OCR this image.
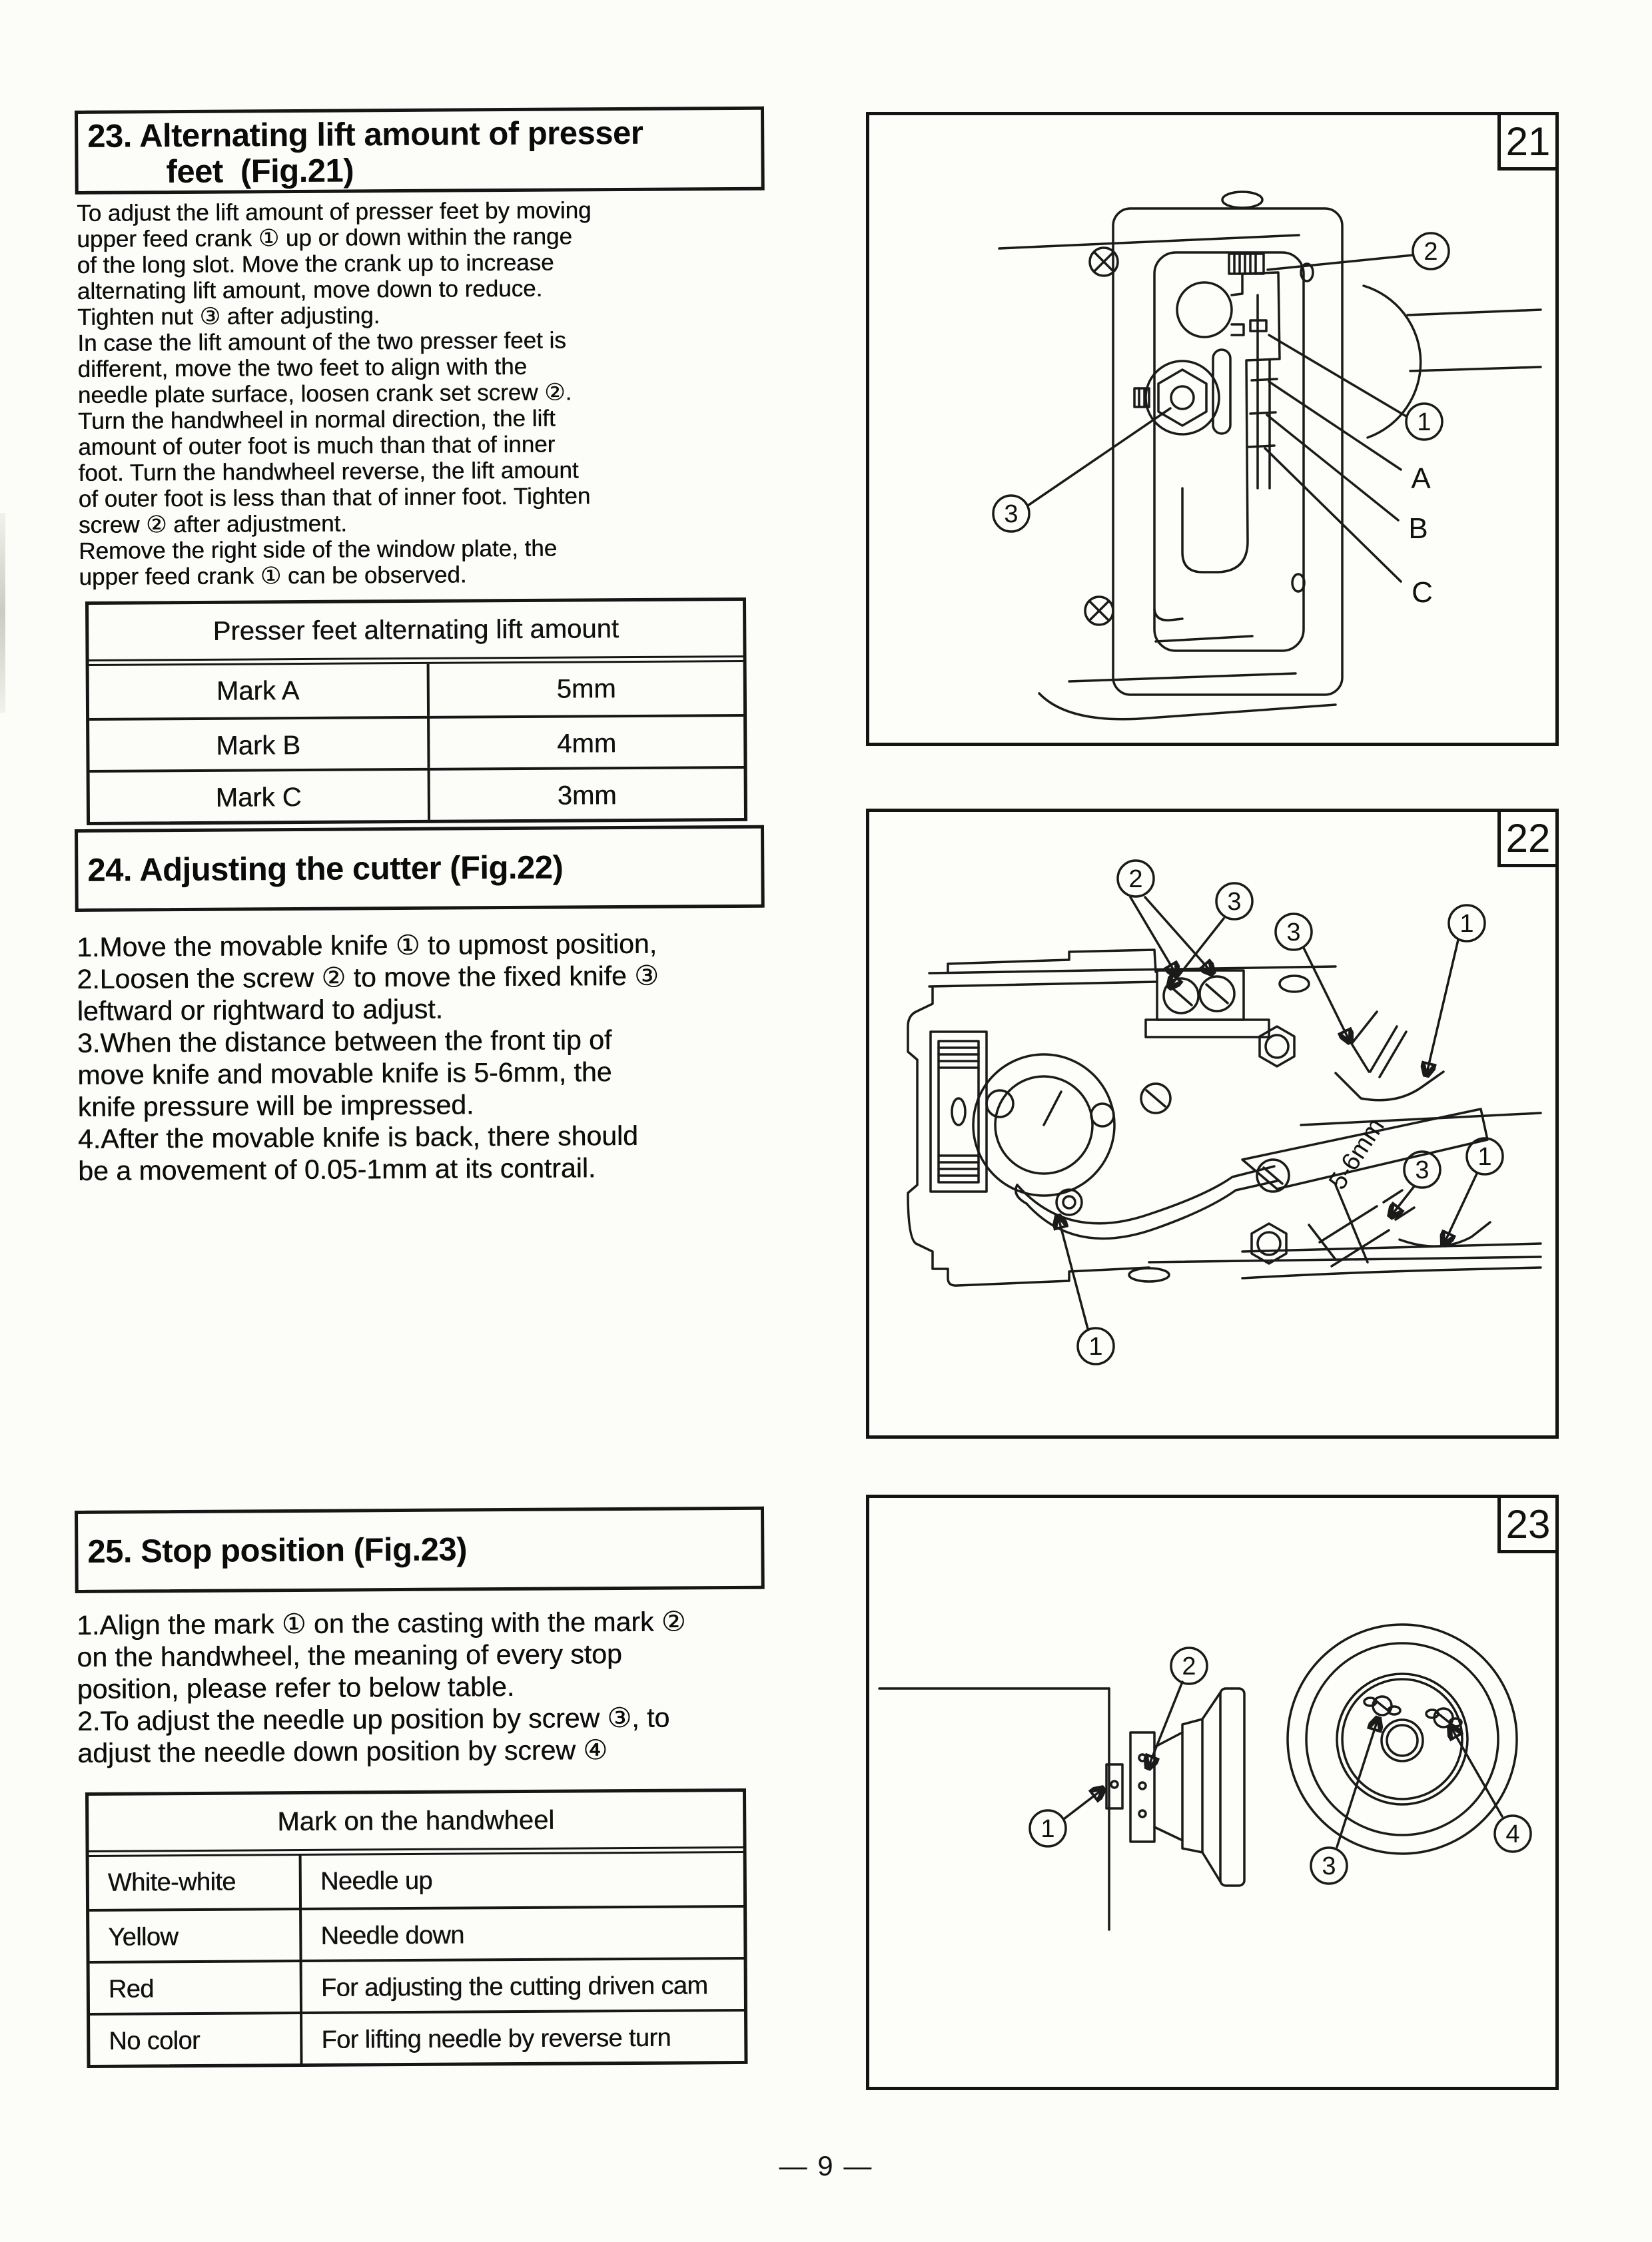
23. Alternating lift amount of presser
feet  (Fig.21)
To adjust the lift amount of presser feet by moving
upper feed crank ① up or down within the range
of the long slot. Move the crank up to increase
alternating lift amount, move down to reduce.
Tighten nut ③ after adjusting.
In case the lift amount of the two presser feet is
different, move the two feet to align with the
needle plate surface, loosen crank set screw ②.
Turn the handwheel in normal direction, the lift
amount of outer foot is much than that of inner
foot. Turn the handwheel reverse, the lift amount
of outer foot is less than that of inner foot. Tighten
screw ② after adjustment.
Remove the right side of the window plate, the
upper feed crank ① can be observed.
Presser feet alternating lift amount
Mark A	5mm
Mark B	4mm
Mark C	3mm
24. Adjusting the cutter (Fig.22)
1.Move the movable knife ① to upmost position,
2.Loosen the screw ② to move the fixed knife ③
leftward or rightward to adjust.
3.When the distance between the front tip of
move knife and movable knife is 5-6mm, the
knife pressure will be impressed.
4.After the movable knife is back, there should
be a movement of 0.05-1mm at its contrail.
25. Stop position (Fig.23)
1.Align the mark ① on the casting with the mark ②
on the handwheel, the meaning of every stop
position, please refer to below table.
2.To adjust the needle up position by screw ③, to
adjust the needle down position by screw ④
Mark on the handwheel
White-white	Needle up
Yellow	Needle down
Red	For adjusting the cutting driven cam
No color	For lifting needle by reverse turn
— 9 —
21
2
1
A
B
C
3
22
5-6mm
2
3
3	1
3 1
1
23
1
2
3
4
